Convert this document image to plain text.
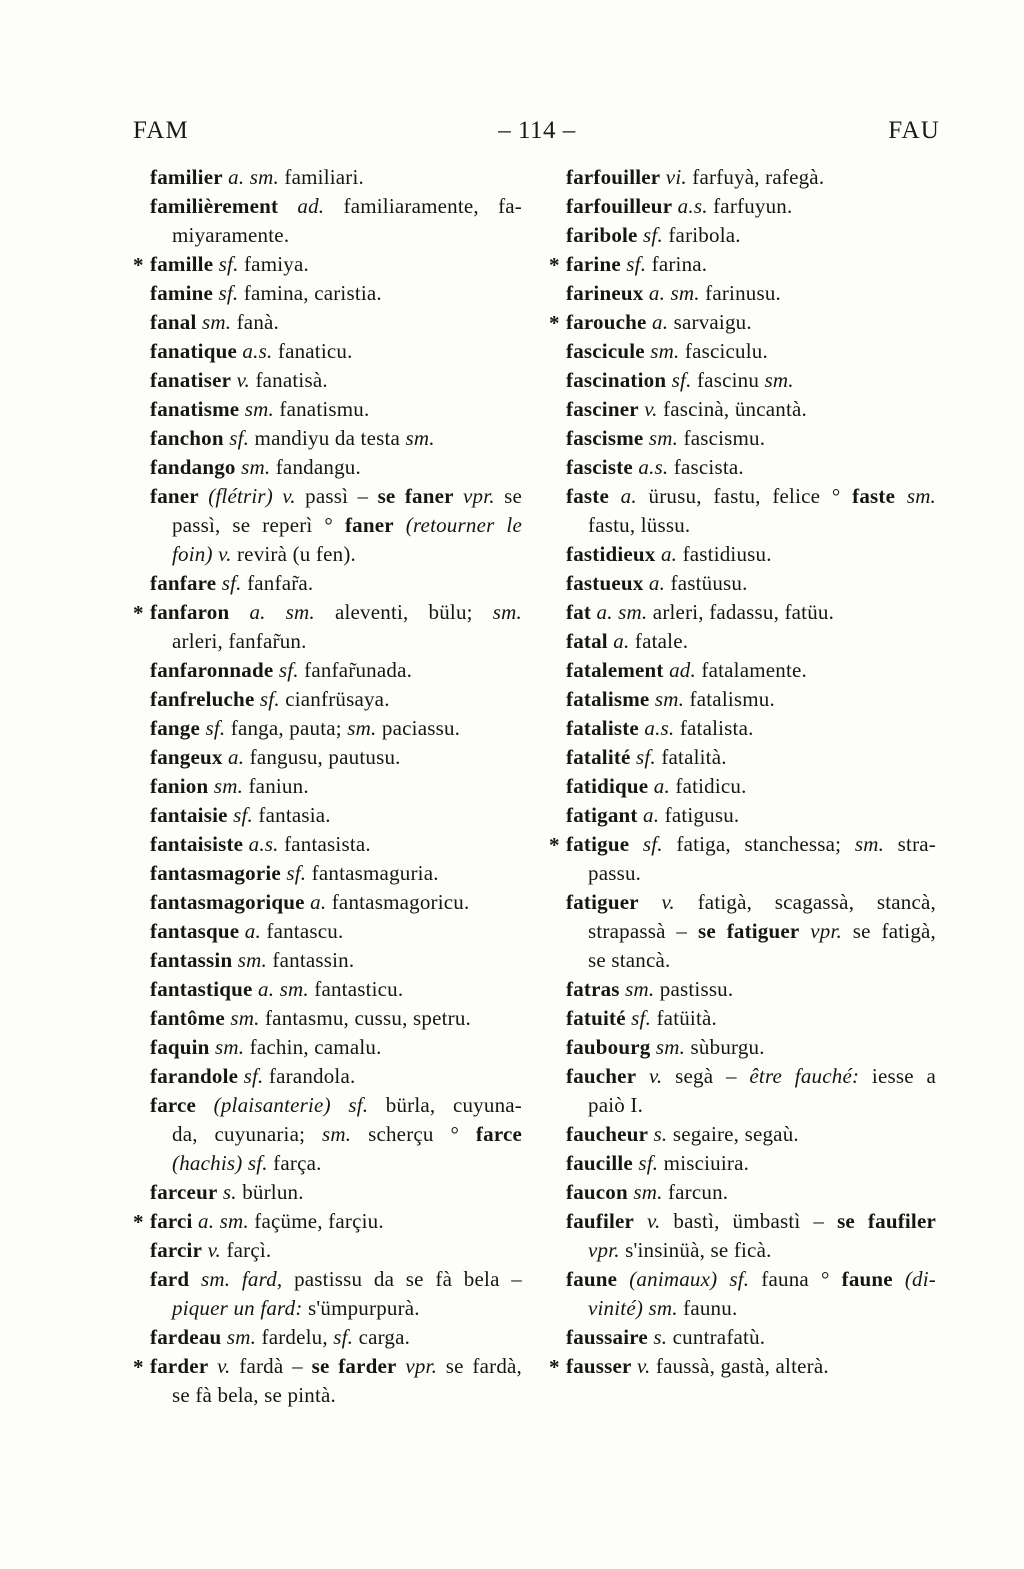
FAM	– 114 –	FAU
familier a. sm. familiari.
familièrement ad. familiaramente, fa-
miyaramente.
* famille sf. famiya.
famine sf. famina, caristia.
fanal sm. fanà.
fanatique a.s. fanaticu.
fanatiser v. fanatisà.
fanatisme sm. fanatismu.
fanchon sf. mandiyu da testa sm.
fandango sm. fandangu.
faner (flétrir) v. passì – se faner vpr. se
passì, se reperì ° faner (retourner le
foin) v. revirà (u fen).
fanfare sf. fanfar̃a.
* fanfaron a. sm. aleventi, bülu; sm.
arleri, fanfar̃un.
fanfaronnade sf. fanfar̃unada.
fanfreluche sf. cianfrüsaya.
fange sf. fanga, pauta; sm. paciassu.
fangeux a. fangusu, pautusu.
fanion sm. faniun.
fantaisie sf. fantasia.
fantaisiste a.s. fantasista.
fantasmagorie sf. fantasmaguria.
fantasmagorique a. fantasmagoricu.
fantasque a. fantascu.
fantassin sm. fantassin.
fantastique a. sm. fantasticu.
fantôme sm. fantasmu, cussu, spetru.
faquin sm. fachin, camalu.
farandole sf. farandola.
farce (plaisanterie) sf. bürla, cuyuna-
da, cuyunaria; sm. scherçu ° farce
(hachis) sf. farça.
farceur s. bürlun.
* farci a. sm. façüme, farçiu.
farcir v. farçì.
fard sm. fard, pastissu da se fà bela –
piquer un fard: s'ümpurpurà.
fardeau sm. fardelu, sf. carga.
* farder v. fardà – se farder vpr. se fardà,
se fà bela, se pintà.
farfouiller vi. farfuyà, rafegà.
farfouilleur a.s. farfuyun.
faribole sf. faribola.
* farine sf. farina.
farineux a. sm. farinusu.
* farouche a. sarvaigu.
fascicule sm. fasciculu.
fascination sf. fascinu sm.
fasciner v. fascinà, üncantà.
fascisme sm. fascismu.
fasciste a.s. fascista.
faste a. ürusu, fastu, felice ° faste sm.
fastu, lüssu.
fastidieux a. fastidiusu.
fastueux a. fastüusu.
fat a. sm. arleri, fadassu, fatüu.
fatal a. fatale.
fatalement ad. fatalamente.
fatalisme sm. fatalismu.
fataliste a.s. fatalista.
fatalité sf. fatalità.
fatidique a. fatidicu.
fatigant a. fatigusu.
* fatigue sf. fatiga, stanchessa; sm. stra-
passu.
fatiguer v. fatigà, scagassà, stancà,
strapassà – se fatiguer vpr. se fatigà,
se stancà.
fatras sm. pastissu.
fatuité sf. fatüità.
faubourg sm. sùburgu.
faucher v. segà – être fauché: iesse a
paiò I.
faucheur s. segaire, segaù.
faucille sf. misciuira.
faucon sm. farcun.
faufiler v. bastì, ümbastì – se faufiler
vpr. s'insinüà, se ficà.
faune (animaux) sf. fauna ° faune (di-
vinité) sm. faunu.
faussaire s. cuntrafatù.
* fausser v. faussà, gastà, alterà.
